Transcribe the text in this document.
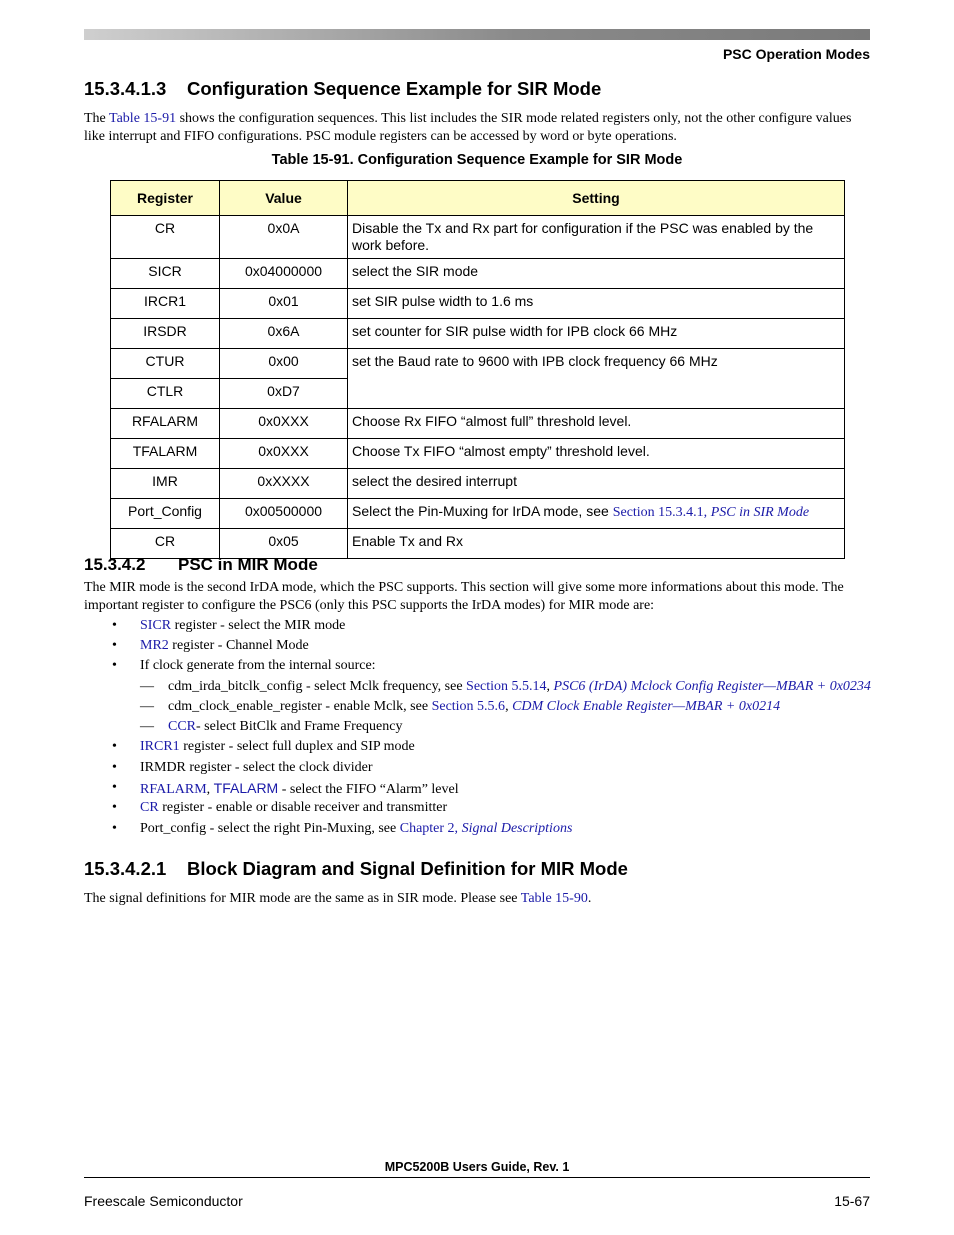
PSC Operation Modes
15.3.4.1.3 Configuration Sequence Example for SIR Mode
The Table 15-91 shows the configuration sequences. This list includes the SIR mode related registers only, not the other configure values like interrupt and FIFO configurations. PSC module registers can be accessed by word or byte operations.
Table 15-91. Configuration Sequence Example for SIR Mode
Register	Value	Setting
CR	0x0A	Disable the Tx and Rx part for configuration if the PSC was enabled by the work before.
SICR	0x04000000	select the SIR mode
IRCR1	0x01	set SIR pulse width to 1.6 ms
IRSDR	0x6A	set counter for SIR pulse width for IPB clock 66 MHz
CTUR	0x00	set the Baud rate to 9600 with IPB clock frequency 66 MHz
CTLR	0xD7	
RFALARM	0x0XXX	Choose Rx FIFO “almost full” threshold level.
TFALARM	0x0XXX	Choose Tx FIFO “almost empty” threshold level.
IMR	0xXXXX	select the desired interrupt
Port_Config	0x00500000	Select the Pin-Muxing for IrDA mode, see Section 15.3.4.1, PSC in SIR Mode
CR	0x05	Enable Tx and Rx
15.3.4.2 PSC in MIR Mode
The MIR mode is the second IrDA mode, which the PSC supports. This section will give some more informations about this mode. The important register to configure the PSC6 (only this PSC supports the IrDA modes) for MIR mode are:
• SICR register - select the MIR mode
• MR2 register - Channel Mode
• If clock generate from the internal source:
— cdm_irda_bitclk_config - select Mclk frequency, see Section 5.5.14, PSC6 (IrDA) Mclock Config Register—MBAR + 0x0234
— cdm_clock_enable_register - enable Mclk, see Section 5.5.6, CDM Clock Enable Register—MBAR + 0x0214
— CCR- select BitClk and Frame Frequency
• IRCR1 register - select full duplex and SIP mode
• IRMDR register - select the clock divider
• RFALARM, TFALARM - select the FIFO “Alarm” level
• CR register - enable or disable receiver and transmitter
• Port_config - select the right Pin-Muxing, see Chapter 2, Signal Descriptions
15.3.4.2.1 Block Diagram and Signal Definition for MIR Mode
The signal definitions for MIR mode are the same as in SIR mode. Please see Table 15-90.
MPC5200B Users Guide, Rev. 1
Freescale Semiconductor	15-67
